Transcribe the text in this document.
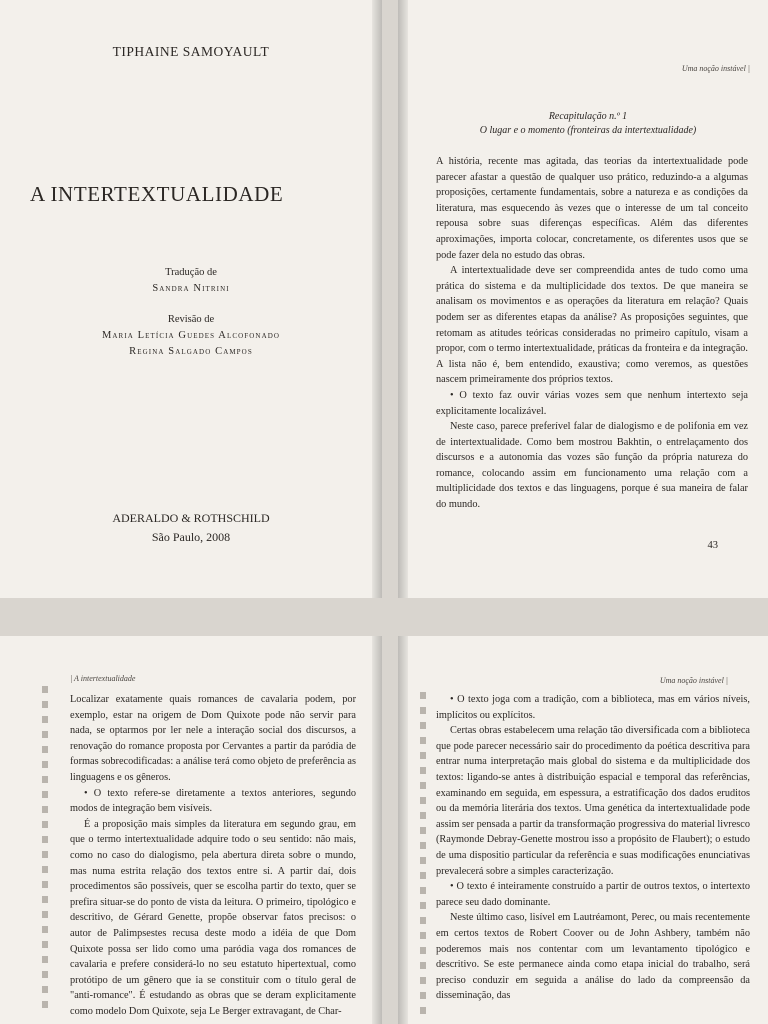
TIPHAINE SAMOYAULT
A INTERTEXTUALIDADE
Tradução de
Sandra Nitrini
Revisão de
Maria Letícia Guedes Alcofonado
Regina Salgado Campos
ADERALDO & ROTHSCHILD
São Paulo, 2008
Uma noção instável |
Recapitulação n.º 1
O lugar e o momento (fronteiras da intertextualidade)

A história, recente mas agitada, das teorias da intertextualidade pode parecer afastar a questão de qualquer uso prático, reduzindo-a a algumas proposições, certamente fundamentais, sobre a natureza e as condições da literatura, mas esquecendo às vezes que o interesse de um tal conceito repousa sobre suas diferenças específicas. Além das diferentes aproximações, importa colocar, concretamente, os diferentes usos que se pode fazer dela no estudo das obras.

A intertextualidade deve ser compreendida antes de tudo como uma prática do sistema e da multiplicidade dos textos. De que maneira se analisam os movimentos e as operações da literatura em relação? Quais podem ser as diferentes etapas da análise? As proposições seguintes, que retomam as atitudes teóricas consideradas no primeiro capítulo, visam a propor, com o termo intertextualidade, práticas da fronteira e da integração. A lista não é, bem entendido, exaustiva; como veremos, as questões nascem primeiramente dos próprios textos.

• O texto faz ouvir várias vozes sem que nenhum intertexto seja explicitamente localizável.

Neste caso, parece preferível falar de dialogismo e de polifonia em vez de intertextualidade. Como bem mostrou Bakhtin, o entrelaçamento dos discursos e a autonomia das vozes são função da própria natureza do romance, colocando assim em funcionamento uma relação com a multiplicidade dos textos e das linguagens, porque é sua maneira de falar do mundo.

43
| A intertextualidade

Localizar exatamente quais romances de cavalaria podem, por exemplo, estar na origem de Dom Quixote pode não servir para nada, se optarmos por ler nele a interação social dos discursos, a renovação do romance proposta por Cervantes a partir da paródia de formas sobrecodificadas: a análise terá como objeto de preferência as linguagens e os gêneros.

• O texto refere-se diretamente a textos anteriores, segundo modos de integração bem visíveis.

É a proposição mais simples da literatura em segundo grau, em que o termo intertextualidade adquire todo o seu sentido: não mais, como no caso do dialogismo, pela abertura direta sobre o mundo, mas numa estrita relação dos textos entre si. A partir daí, dois procedimentos são possíveis, quer se escolha partir do texto, quer se prefira situar-se do ponto de vista da leitura. O primeiro, tipológico e descritivo, de Gérard Genette, propõe observar fatos precisos: o autor de Palimpsestes recusa deste modo a idéia de que Dom Quixote possa ser lido como uma paródia vaga dos romances de cavalaria e prefere considerá-lo no seu estatuto hipertextual, como protótipo de um gênero que ia se constituir com o título geral de "anti-romance". É estudando as obras que se deram explicitamente como modelo Dom Quixote, seja Le Berger extravagant, de Char-

Uma noção instável |

• O texto joga com a tradição, com a biblioteca, mas em vários níveis, implícitos ou explícitos.

Certas obras estabelecem uma relação tão diversificada com a biblioteca que pode parecer necessário sair do procedimento da poética descritiva para entrar numa interpretação mais global do sistema e da multiplicidade dos textos: ligando-se antes à distribuição espacial e temporal das referências, examinando em seguida, em espessura, a estratificação dos dados eruditos ou da memória literária dos textos. Uma genética da intertextualidade pode assim ser pensada a partir da transformação progressiva do material livresco (Raymonde Debray-Genette mostrou isso a propósito de Flaubert); o estudo de uma dispositio particular da referência e suas modificações enunciativas prevalecerá sobre a simples caracterização.

• O texto é inteiramente construído a partir de outros textos, o intertexto parece seu dado dominante.

Neste último caso, lisível em Lautréamont, Perec, ou mais recentemente em certos textos de Robert Coover ou de John Ashbery, também não poderemos mais nos contentar com um levantamento tipológico e descritivo. Se este permanece ainda como etapa inicial do trabalho, será preciso conduzir em seguida a análise do lado da compreensão da disseminação, das
